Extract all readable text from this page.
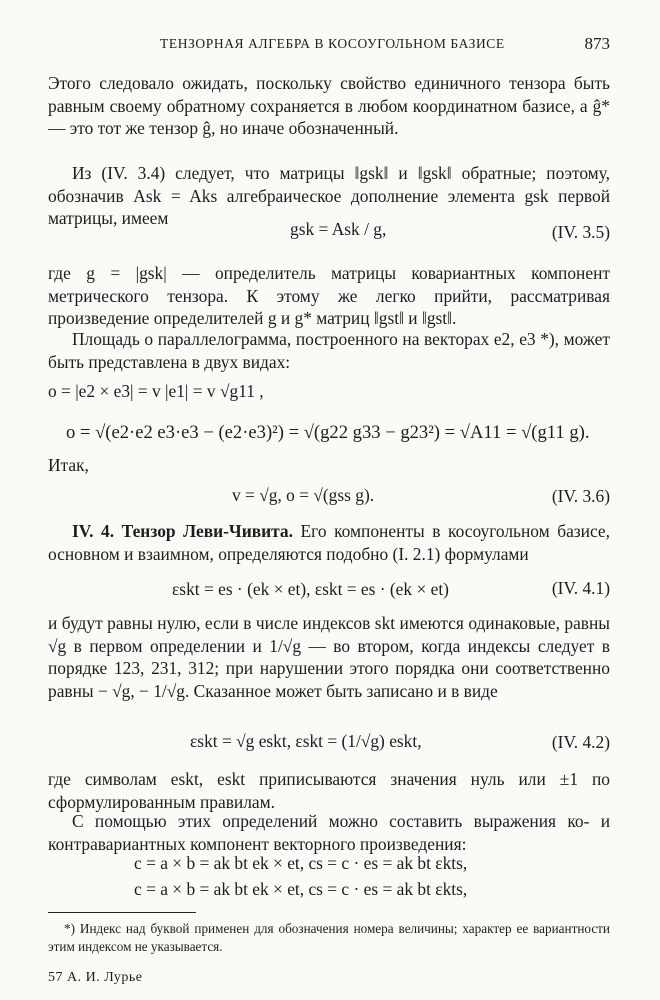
ТЕНЗОРНАЯ АЛГЕБРА В КОСОУГОЛЬНОМ БАЗИСЕ	873
Этого следовало ожидать, поскольку свойство единичного тензора быть равным своему обратному сохраняется в любом координатном базисе, а ĝ* — это тот же тензор ĝ, но иначе обозначенный.
Из (IV. 3.4) следует, что матрицы ‖gsk‖ и ‖gsk‖ обратные; поэтому, обозначив Ask = Aks алгебраическое дополнение элемента gsk первой матрицы, имеем
gsk = Ask / g,	(IV. 3.5)
где g = |gsk| — определитель матрицы ковариантных компонент метрического тензора. К этому же легко прийти, рассматривая произведение определителей g и g* матриц ‖gst‖ и ‖gst‖.
Площадь o параллелограмма, построенного на векторах e2, e3 *), может быть представлена в двух видах:
o = |e2 × e3| = v |e1| = v √g11 ,
o = √(e2·e2 e3·e3 − (e2·e3)²) = √(g22 g33 − g23²) = √A11 = √(g11 g).
Итак,
v = √g, o = √(gss g).	(IV. 3.6)
IV. 4. Тензор Леви-Чивита. Его компоненты в косоугольном базисе, основном и взаимном, определяются подобно (I. 2.1) формулами
εskt = es · (ek × et), εskt = es · (ek × et)	(IV. 4.1)
и будут равны нулю, если в числе индексов skt имеются одинаковые, равны √g в первом определении и 1/√g — во втором, когда индексы следует в порядке 123, 231, 312; при нарушении этого порядка они соответственно равны − √g, − 1/√g. Сказанное может быть записано и в виде
εskt = √g eskt, εskt = (1/√g) eskt,	(IV. 4.2)
где символам eskt, eskt приписываются значения нуль или ±1 по сформулированным правилам.
С помощью этих определений можно составить выражения ко- и контравариантных компонент векторного произведения:
c = a × b = ak bt ek × et, cs = c · es = ak bt εkts,
c = a × b = ak bt ek × et, cs = c · es = ak bt εkts,
*) Индекс над буквой применен для обозначения номера величины; характер ее вариантности этим индексом не указывается.
57 А. И. Лурье
